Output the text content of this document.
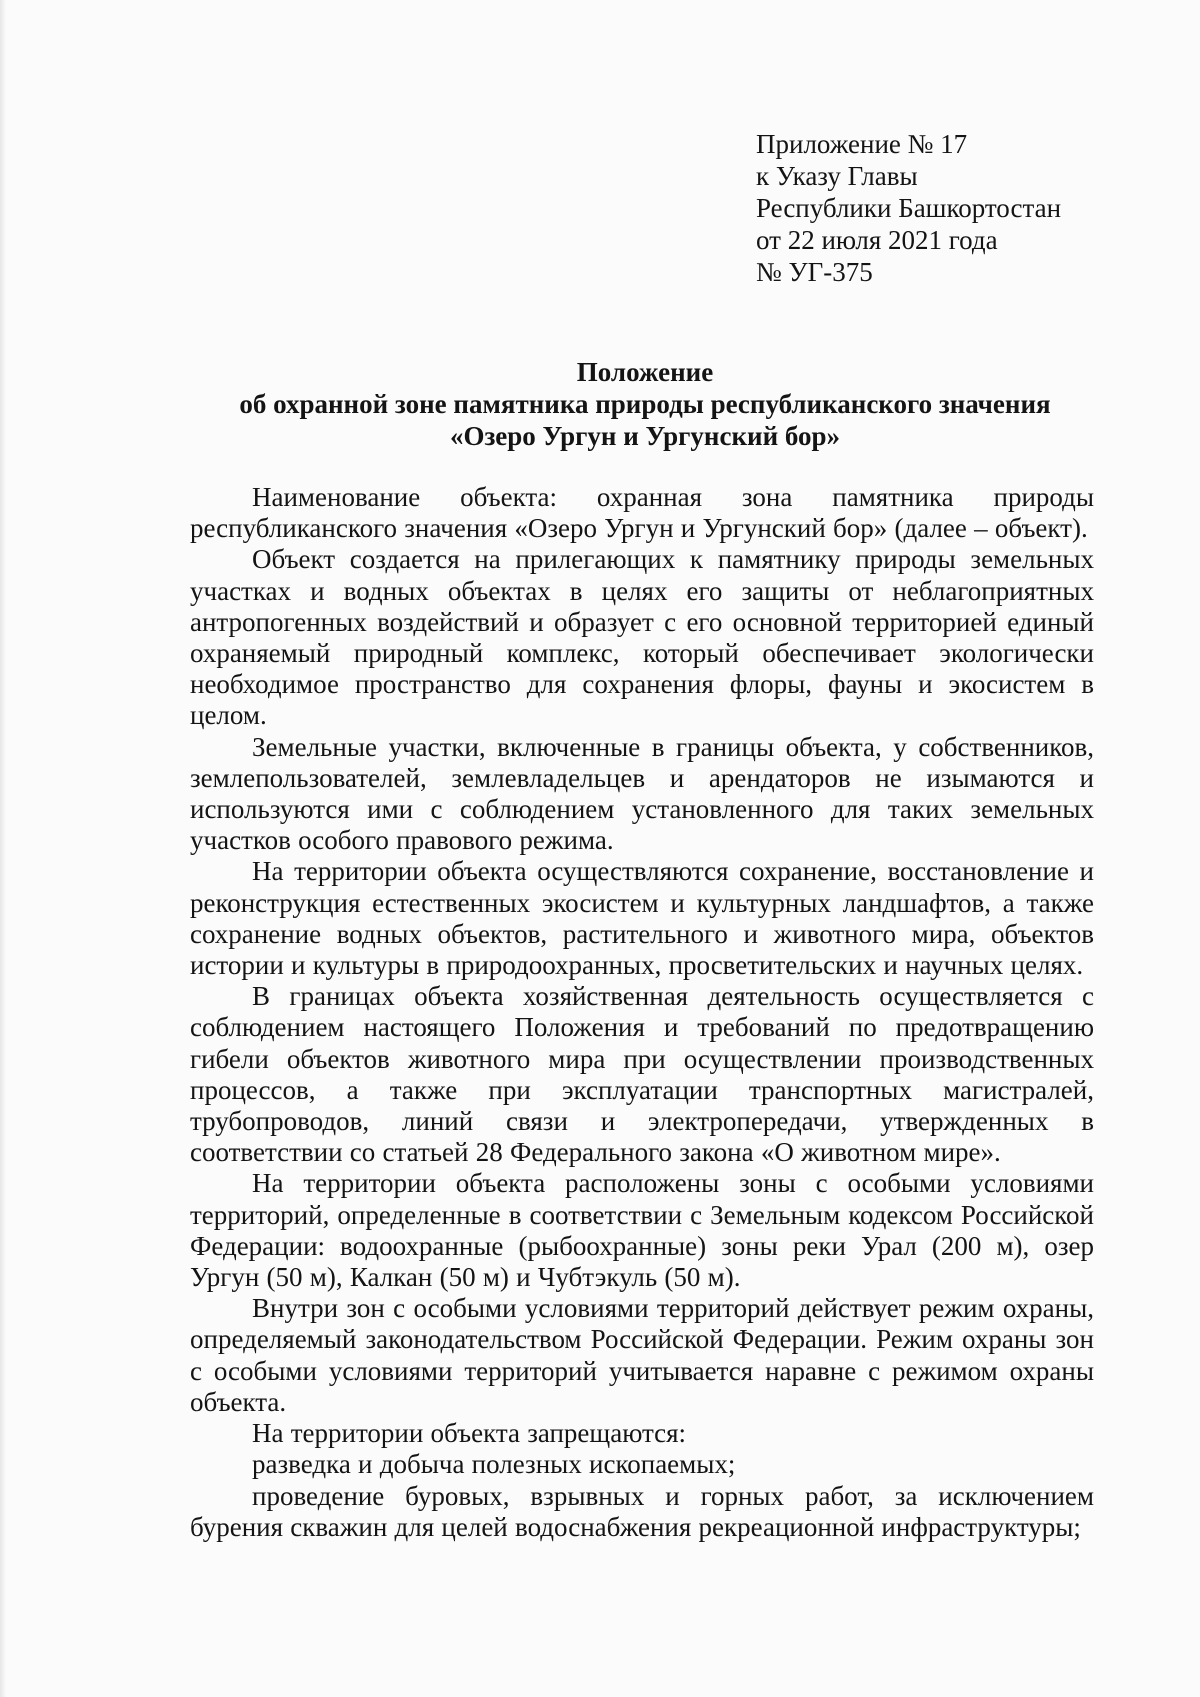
Приложение № 17
к Указу Главы
Республики Башкортостан
от 22 июля 2021 года
№ УГ-375
Положение
об охранной зоне памятника природы республиканского значения
«Озеро Ургун и Ургунский бор»

Наименование объекта: охранная зона памятника природы республиканского значения «Озеро Ургун и Ургунский бор» (далее – объект).

Объект создается на прилегающих к памятнику природы земельных участках и водных объектах в целях его защиты от неблагоприятных антропогенных воздействий и образует с его основной территорией единый охраняемый природный комплекс, который обеспечивает экологически необходимое пространство для сохранения флоры, фауны и экосистем в целом.

Земельные участки, включенные в границы объекта, у собственников, землепользователей, землевладельцев и арендаторов не изымаются и используются ими с соблюдением установленного для таких земельных участков особого правового режима.

На территории объекта осуществляются сохранение, восстановление и реконструкция естественных экосистем и культурных ландшафтов, а также сохранение водных объектов, растительного и животного мира, объектов истории и культуры в природоохранных, просветительских и научных целях.

В границах объекта хозяйственная деятельность осуществляется с соблюдением настоящего Положения и требований по предотвращению гибели объектов животного мира при осуществлении производственных процессов, а также при эксплуатации транспортных магистралей, трубопроводов, линий связи и электропередачи, утвержденных в соответствии со статьей 28 Федерального закона «О животном мире».

На территории объекта расположены зоны с особыми условиями территорий, определенные в соответствии с Земельным кодексом Российской Федерации: водоохранные (рыбоохранные) зоны реки Урал (200 м), озер Ургун (50 м), Калкан (50 м) и Чубтэкуль (50 м).

Внутри зон с особыми условиями территорий действует режим охраны, определяемый законодательством Российской Федерации. Режим охраны зон с особыми условиями территорий учитывается наравне с режимом охраны объекта.

На территории объекта запрещаются:

разведка и добыча полезных ископаемых;

проведение буровых, взрывных и горных работ, за исключением бурения скважин для целей водоснабжения рекреационной инфраструктуры;
